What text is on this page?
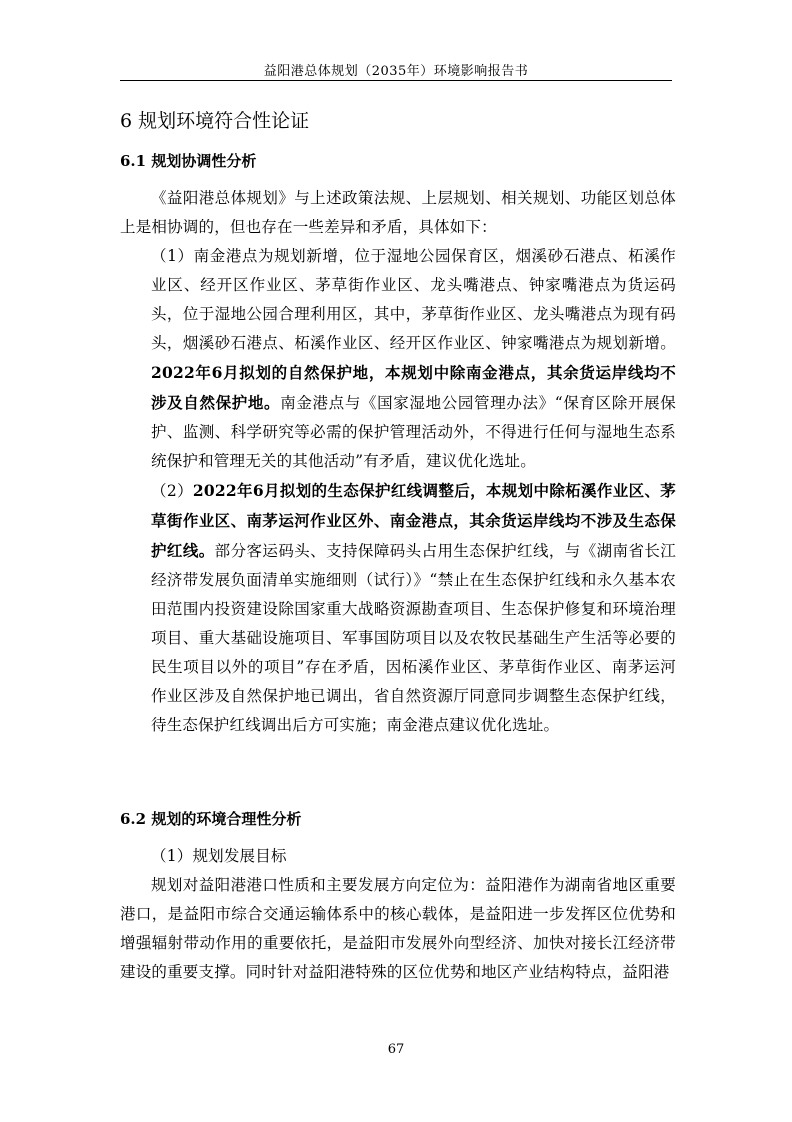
益阳港总体规划（2035年）环境影响报告书
6 规划环境符合性论证
6.1 规划协调性分析

《益阳港总体规划》与上述政策法规、上层规划、相关规划、功能区划总体上是相协调的，但也存在一些差异和矛盾，具体如下：

（1）南金港点为规划新增，位于湿地公园保育区，烟溪砂石港点、柘溪作业区、经开区作业区、茅草街作业区、龙头嘴港点、钟家嘴港点为货运码头，位于湿地公园合理利用区，其中，茅草街作业区、龙头嘴港点为现有码头，烟溪砂石港点、柘溪作业区、经开区作业区、钟家嘴港点为规划新增。2022年6月拟划的自然保护地，本规划中除南金港点，其余货运岸线均不涉及自然保护地。南金港点与《国家湿地公园管理办法》“保育区除开展保护、监测、科学研究等必需的保护管理活动外，不得进行任何与湿地生态系统保护和管理无关的其他活动”有矛盾，建议优化选址。

（2）2022年6月拟划的生态保护红线调整后，本规划中除柘溪作业区、茅草街作业区、南茅运河作业区外、南金港点，其余货运岸线均不涉及生态保护红线。部分客运码头、支持保障码头占用生态保护红线，与《湖南省长江经济带发展负面清单实施细则（试行）》“禁止在生态保护红线和永久基本农田范围内投资建设除国家重大战略资源勘查项目、生态保护修复和环境治理项目、重大基础设施项目、军事国防项目以及农牧民基础生产生活等必要的民生项目以外的项目”存在矛盾，因柘溪作业区、茅草街作业区、南茅运河作业区涉及自然保护地已调出，省自然资源厅同意同步调整生态保护红线，待生态保护红线调出后方可实施；南金港点建议优化选址。

6.2 规划的环境合理性分析

（1）规划发展目标

规划对益阳港港口性质和主要发展方向定位为：益阳港作为湖南省地区重要港口，是益阳市综合交通运输体系中的核心载体，是益阳进一步发挥区位优势和增强辐射带动作用的重要依托，是益阳市发展外向型经济、加快对接长江经济带建设的重要支撑。同时针对益阳港特殊的区位优势和地区产业结构特点，益阳港

67
